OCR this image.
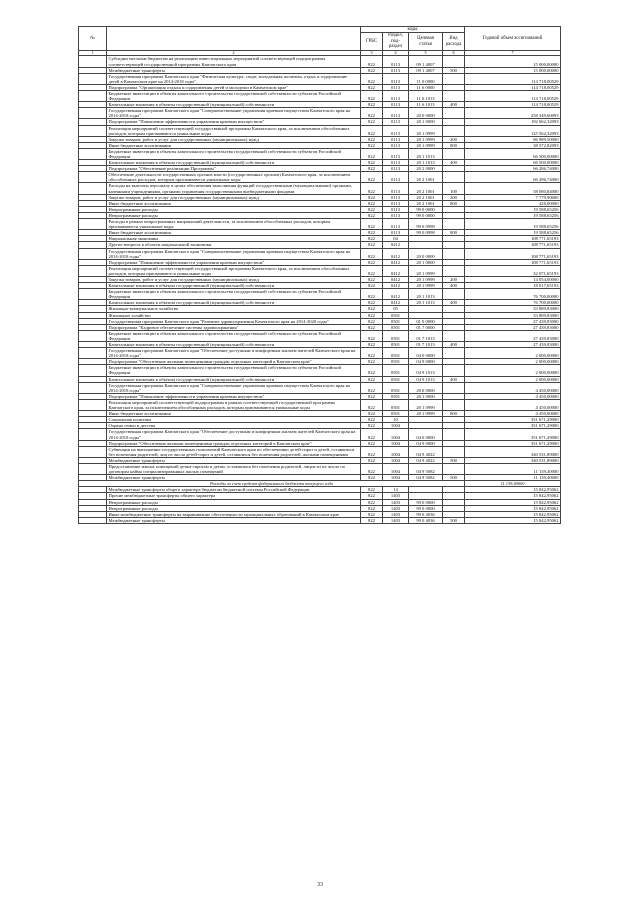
№		коды				Годовой объем ассигнований
		ГРБС	Раздел, под-раздел	Целевая статья	Вид расхода	
1	2	3	4	5	6	7
	Субсидии местным бюджетам на реализацию инвестиционных мероприятий соответствующей подпрограммы соответствующей государственной программы Камчатского края	822	0113	09 1 4007		15 000,00000
	Межбюджетные трансферты	822	0113	09 1 4007	500	15 000,00000
	Государственная программа Камчатского края "Физическая культура, спорт, молодежная политика, отдых и оздоровление детей в Камчатском крае на 2014-2018 годы"	822	0113	11 0 0000		114 718,00529
	Подпрограмма "Организация отдыха и оздоровления детей и молодежи в Камчатском крае"	822	0113	11 6 0000		114 718,00529
	Бюджетные инвестиции в объекты капитального строительства государственной собственности субъектов Российской Федерации	822	0113	11 6 1013		114 718,00529
	Капитальные вложения в объекты государственной (муниципальной) собственности	822	0113	11 6 1013	400	114 718,00529
	Государственная программа Камчатского края "Совершенствование управления краевым имуществом Камчатского края на 2014-2018 годы"	822	0113	20 0 0000		258 349,60093
	Подпрограмма "Повышение эффективности управления краевым имуществом"	822	0113	20 1 0000		192 062,32093
	Реализация мероприятий соответствующей государственной программы Камчатского края, за исключением обособленных расходов, которым присваиваются уникальные коды	822	0113	20 1 0999		125 562,32093
	Закупка товаров, работ и услуг для государственных (муниципальных) нужд	822	0113	20 1 0999	200	86 989,50000
	Иные бюджетные ассигнования	822	0113	20 1 0999	800	38 572,82093
	Бюджетные инвестиции в объекты капитального строительства государственной собственности субъектов Российской Федерации	822	0113	20 1 1013		66 500,00000
	Капитальные вложения в объекты государственной (муниципальной) собственности	822	0113	20 1 1013	400	66 500,00000
	Подпрограмма "Обеспечение реализации Программы"	822	0113	20 2 0000		66 286,74000
	Обеспечение деятельности государственных органов власти (государственных органов) Камчатского края, за исключением обособленных расходов, которым присваиваются уникальные коды	822	0113	20 2 1001		66 286,74000
	Расходы на выплаты персоналу в целях обеспечения выполнения функций государственными (муниципальными) органами, казенными учреждениями, органами управления государственными внебюджетными фондами	822	0113	20 2 1001	100	58 080,84000
	Закупка товаров, работ и услуг для государственных (муниципальных) нужд	822	0113	20 2 1001	200	7 779,90000
	Иные бюджетные ассигнования	822	0113	20 2 1001	800	426,00000
	Непрограммные расходы	822	0113	99 0 0000		19 588,65256
	Непрограммные расходы	822	0113	99 0 0000		19 588,65256
	Расходы в рамках непрограммных направлений деятельности, за исключением обособленных расходов, которым присваиваются уникальные коды	822	0113	99 0 0998		19 588,65256
	Иные бюджетные ассигнования	822	0113	99 0 0998	800	19 588,65256
	Национальная экономика	822	04			108 771,65193
	Другие вопросы в области национальной экономики	822	0412			108 771,65193
	Государственная программа Камчатского края "Совершенствование управления краевым имуществом Камчатского края на 2014-2018 годы"	822	0412	20 0 0000		108 771,65193
	Подпрограмма "Повышение эффективности управления краевым имуществом"	822	0412	20 1 0000		108 771,65193
	Реализация мероприятий соответствующей государственной программы Камчатского края, за исключением обособленных расходов, которым присваиваются уникальные коды	822	0412	20 1 0999		32 071,65193
	Закупка товаров, работ и услуг для государственных (муниципальных) нужд	822	0412	20 1 0999	200	14 054,00000
	Капитальные вложения в объекты государственной (муниципальной) собственности	822	0412	20 1 0999	400	18 017,65193
	Бюджетные инвестиции в объекты капитального строительства государственной собственности субъектов Российской Федерации	822	0412	20 1 1013		76 700,00000
	Капитальные вложения в объекты государственной (муниципальной) собственности	822	0412	20 1 1013	400	76 700,00000
	Жилищно-коммунальное хозяйство	822	05			33 889,83000
	Жилищное хозяйство	822	0501			33 889,83000
	Государственная программа Камчатского края "Развитие здравоохранения Камчатского края на 2014-2020 годы"	822	0501	01 0 0000		27 439,83000
	Подпрограмма "Кадровое обеспечение системы здравоохранения"	822	0501	01 7 0000		27 439,83000
	Бюджетные инвестиции в объекты капитального строительства государственной собственности субъектов Российской Федерации	822	0501	01 7 1013		27 439,83000
	Капитальные вложения в объекты государственной (муниципальной) собственности	822	0501	01 7 1013	400	27 439,83000
	Государственная программа Камчатского края "Обеспечение доступным и комфортным жильем жителей Камчатского края на 2014-2018 годы"	822	0501	04 0 0000		2 000,00000
	Подпрограмма "Обеспечение жилыми помещениями граждан отдельных категорий в Камчатском крае"	822	0501	04 9 0000		2 000,00000
	Бюджетные инвестиции в объекты капитального строительства государственной собственности субъектов Российской Федерации	822	0501	04 9 1013		2 000,00000
	Капитальные вложения в объекты государственной (муниципальной) собственности	822	0501	04 9 1013	400	2 000,00000
	Государственная программа Камчатского края "Совершенствование управления краевым имуществом Камчатского края на 2014-2018 годы"	822	0501	20 0 0000		4 450,00000
	Подпрограмма "Повышение эффективности управления краевым имуществом"	822	0501	20 1 0000		4 450,00000
	Реализация мероприятий соответствующей подпрограммы в рамках соответствующей государственной программы Камчатского края, за исключением обособленных расходов, которым присваиваются уникальные коды	822	0501	20 1 0999		4 450,00000
	Иные бюджетные ассигнования	822	0501	20 1 0999	800	4 450,00000
	Социальная политика	822	10			351 671,29000
	Охрана семьи и детства	822	1004			351 671,29000
	Государственная программа Камчатского края "Обеспечение доступным и комфортным жильем жителей Камчатского края на 2014-2018 годы"	822	1004	04 0 0000		351 671,29000
	Подпрограмма "Обеспечение жилыми помещениями граждан отдельных категорий в Камчатском крае"	822	1004	04 9 0000		351 671,29000
	Субвенции на выполнение государственных полномочий Камчатского края по обеспечению детей-сирот и детей, оставшихся без попечения родителей, лиц из числа детей-сирот и детей, оставшихся без попечения родителей, жилыми помещениями	822	1004	04 9 4022		340 531,89000
	Межбюджетные трансферты	822	1004	04 9 4022	500	340 531,89000
	Предоставление жилых помещений детям-сиротам и детям, оставшимся без попечения родителей, лицам из их числа по договорам найма специализированных жилых помещений	822	1004	04 9 5082		11 139,40000
	Межбюджетные трансферты	822	1004	04 9 5082	500	11 139,40000
Расходы за счет средств федерального бюджета текущего года						11 139,40000
	Межбюджетные трансферты общего характера бюджетам бюджетной системы Российской Федерации	822	14			15 842,95062
	Прочие межбюджетные трансферты общего характера	822	1403			15 842,95062
	Непрограммные расходы	822	1403	99 0 0000		15 842,95062
	Непрограммные расходы	822	1403	99 0 0000		15 842,95062
	Иные межбюджетные трансферты на выравнивание обеспеченности муниципальных образований в Камчатском крае	822	1403	99 0 4036		15 842,95062
	Межбюджетные трансферты	822	1403	99 0 4036	500	15 842,95062
33
